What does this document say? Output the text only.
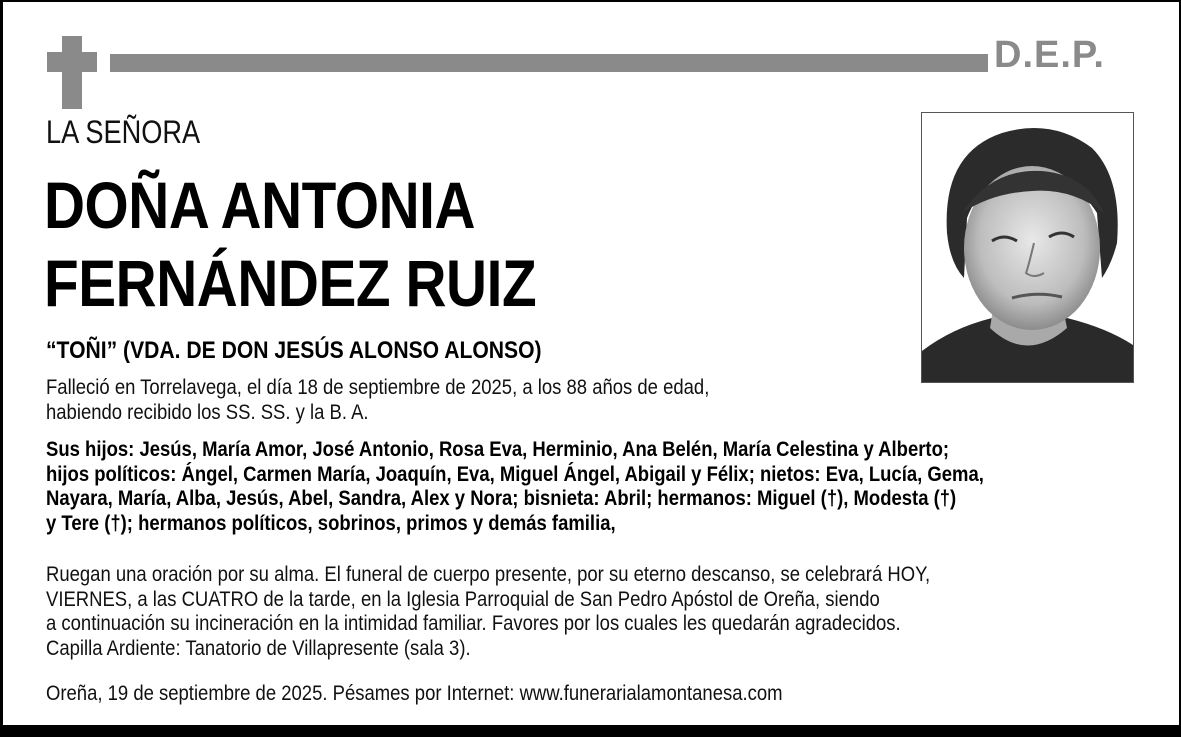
D.E.P.
LA SEÑORA
DOÑA ANTONIA
FERNÁNDEZ RUIZ
“TOÑI” (VDA. DE DON JESÚS ALONSO ALONSO)
Falleció en Torrelavega, el día 18 de septiembre de 2025, a los 88 años de edad,
habiendo recibido los SS. SS. y la B. A.
Sus hijos: Jesús, María Amor, José Antonio, Rosa Eva, Herminio, Ana Belén, María Celestina y Alberto;
hijos políticos: Ángel, Carmen María, Joaquín, Eva, Miguel Ángel, Abigail y Félix; nietos: Eva, Lucía, Gema,
Nayara, María, Alba, Jesús, Abel, Sandra, Alex y Nora; bisnieta: Abril; hermanos: Miguel (†), Modesta (†)
y Tere (†); hermanos políticos, sobrinos, primos y demás familia,
Ruegan una oración por su alma. El funeral de cuerpo presente, por su eterno descanso, se celebrará HOY,
VIERNES, a las CUATRO de la tarde, en la Iglesia Parroquial de San Pedro Apóstol de Oreña, siendo
a continuación su incineración en la intimidad familiar. Favores por los cuales les quedarán agradecidos.
Capilla Ardiente: Tanatorio de Villapresente (sala 3).
Oreña, 19 de septiembre de 2025. Pésames por Internet: www.funerarialamontanesa.com
